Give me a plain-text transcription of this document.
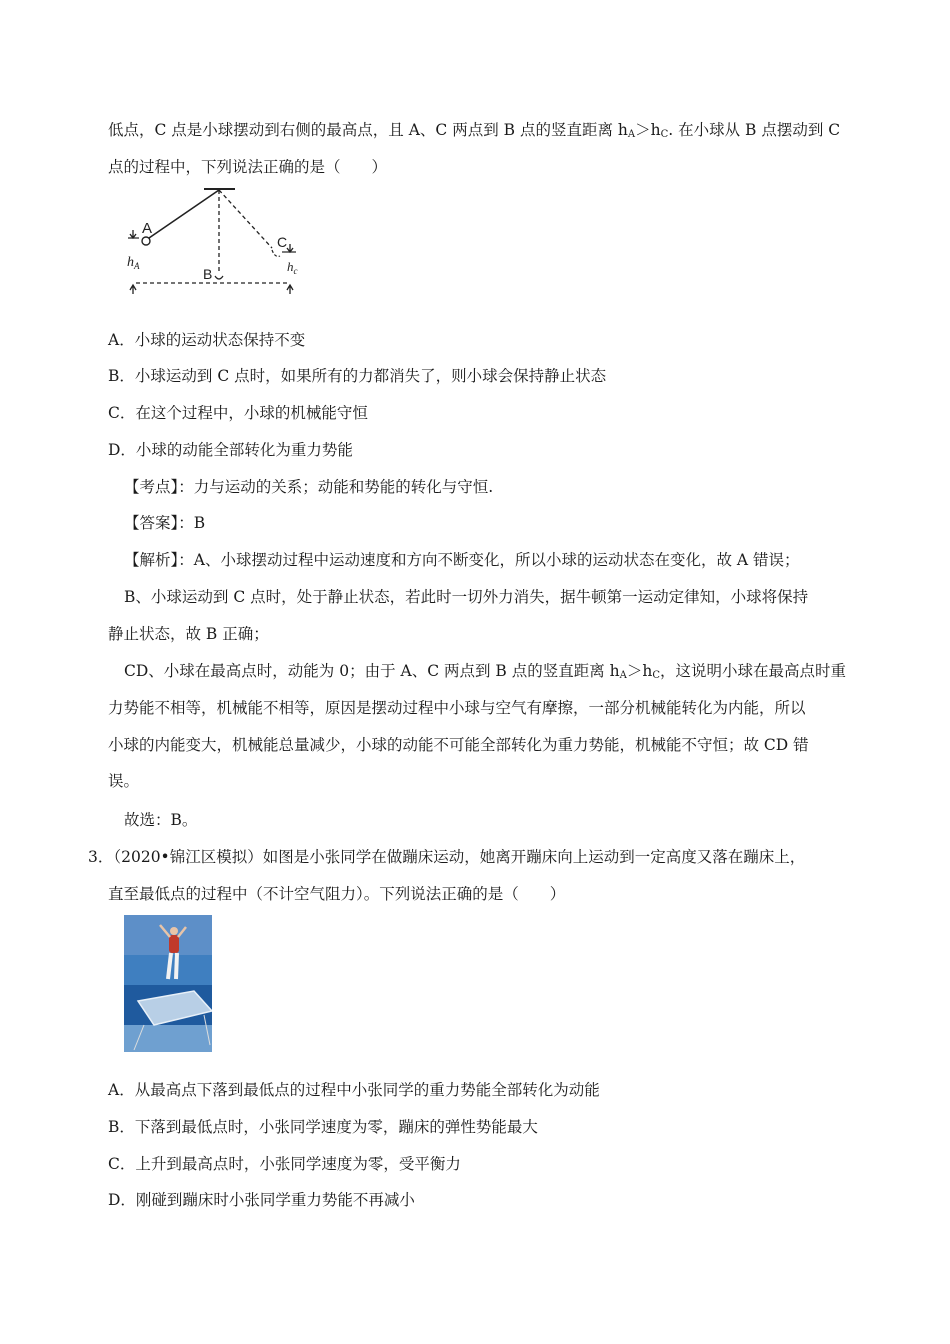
低点，C 点是小球摆动到右侧的最高点，且 A、C 两点到 B 点的竖直距离 $h_A>h_C$. 在小球从 B 点摆动到 C
点的过程中，下列说法正确的是（　　）
A
B
C
$h_A$	$h_c$
A．小球的运动状态保持不变
B．小球运动到 C 点时，如果所有的力都消失了，则小球会保持静止状态
C．在这个过程中，小球的机械能守恒
D．小球的动能全部转化为重力势能
【考点】：力与运动的关系；动能和势能的转化与守恒.
【答案】：B
【解析】：A、小球摆动过程中运动速度和方向不断变化，所以小球的运动状态在变化，故 A 错误；
B、小球运动到 C 点时，处于静止状态，若此时一切外力消失，据牛顿第一运动定律知，小球将保持
静止状态，故 B 正确；
CD、小球在最高点时，动能为 0；由于 A、C 两点到 B 点的竖直距离 $h_A>h_C$，这说明小球在最高点时重
力势能不相等，机械能不相等，原因是摆动过程中小球与空气有摩擦，一部分机械能转化为内能，所以
小球的内能变大，机械能总量减少，小球的动能不可能全部转化为重力势能，机械能不守恒；故 CD 错
误。
故选：B。
3．（2020•锦江区模拟）如图是小张同学在做蹦床运动，她离开蹦床向上运动到一定高度又落在蹦床上，
直至最低点的过程中（不计空气阻力）。下列说法正确的是（　　）
A．从最高点下落到最低点的过程中小张同学的重力势能全部转化为动能
B．下落到最低点时，小张同学速度为零，蹦床的弹性势能最大
C．上升到最高点时，小张同学速度为零，受平衡力
D．刚碰到蹦床时小张同学重力势能不再减小
